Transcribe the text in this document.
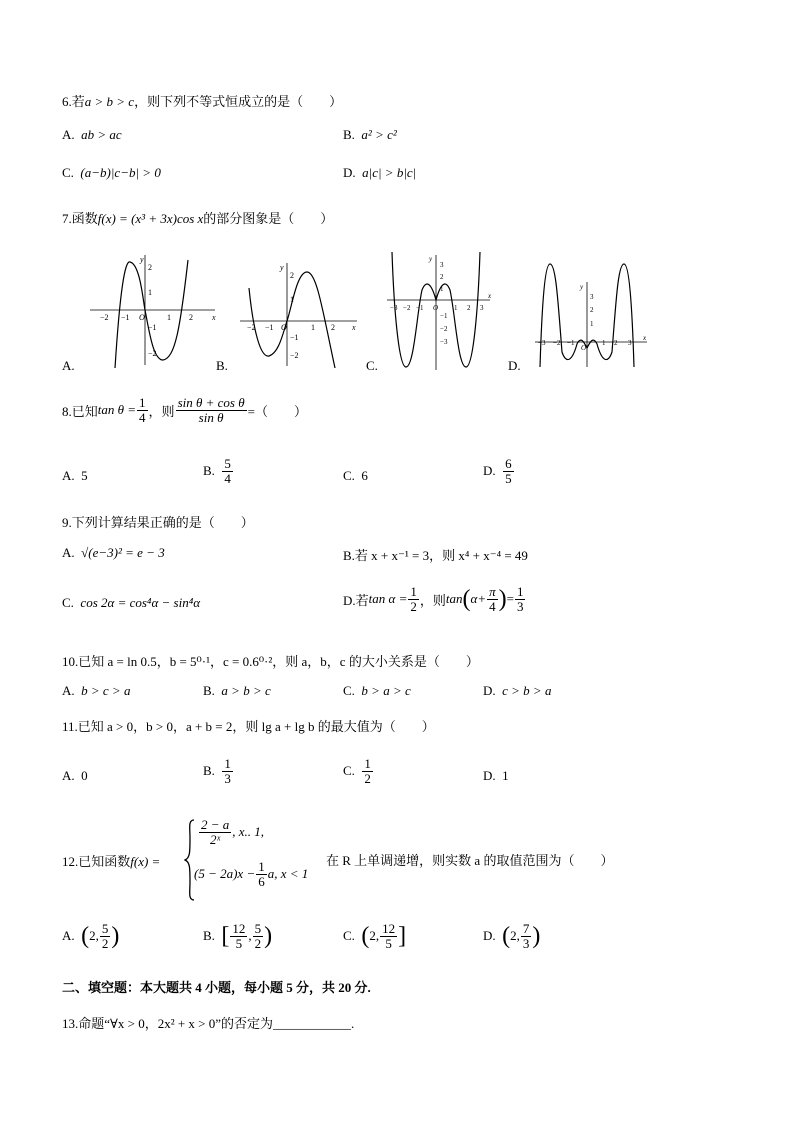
6.若a > b > c，则下列不等式恒成立的是（　　）
A. ab > ac	B. a² > c²
C. (a−b)|c−b| > 0	D. a|c| > b|c|
7.函数f(x) = (x³ + 3x)cos x的部分图象是（　　）
−2 −1 O	1 2 x
y
2
1
−1
−2
A.
−2 −1 O	1 2 x
y
2
1
−1
−2
B.
−3 −2 −1 O 1 2 3
x
y
3
2
1
−1
−2
−3
C.
−3 −2 −1
O
1 2 3
x
y
3
2
1
D.
8.已知 $\tan \theta = \frac{1}{4}$ ，则 $\frac{\text{sin θ + cos θ}}{\text{sin θ}}$ =（　　）
A. 5	B.
$\frac{5}{4}$	C. 6	D.
$\frac{6}{5}$
9.下列计算结果正确的是（　　）
A. √(e−3)² = e − 3	B.若 x + x⁻¹ = 3，则 x⁴ + x⁻⁴ = 49
C. cos 2α = cos⁴α − sin⁴α	D.若 $\tan \alpha = \frac{1}{2}$ ，则 tan ( $\alpha+ \frac{\pi}{4}$ ) = $\frac{1}{3}$
10.已知 a = ln 0.5，b = 5⁰·¹，c = 0.6⁰·²，则 a，b，c 的大小关系是（　　）
A. b > c > a	B. a > b > c	C. b > a > c	D. c > b > a
11.已知 a > 0，b > 0，a + b = 2，则 lg a + lg b 的最大值为（　　）
A. 0	B.
$\frac{1}{3}$	C.
$\frac{1}{2}$	D. 1
12.已知函数f(x) =
$\frac{2 - a}{\text{2ˣ}}$ , x.. 1,
$(5 - 2a)x - \frac{1}{6} a$, x < 1
在 R 上单调递增，则实数 a 的取值范围为（　　）
A.
( 2, $\frac{5}{2}$ )	B.
[ $\frac{12}{5}$ , $\frac{5}{2}$ )	C.
( 2, $\frac{12}{5}$ ]	D.
( 2, $\frac{7}{3}$ )
二、填空题：本大题共 4 小题，每小题 5 分，共 20 分.
13.命题“∀x > 0，2x² + x > 0”的否定为____________.
